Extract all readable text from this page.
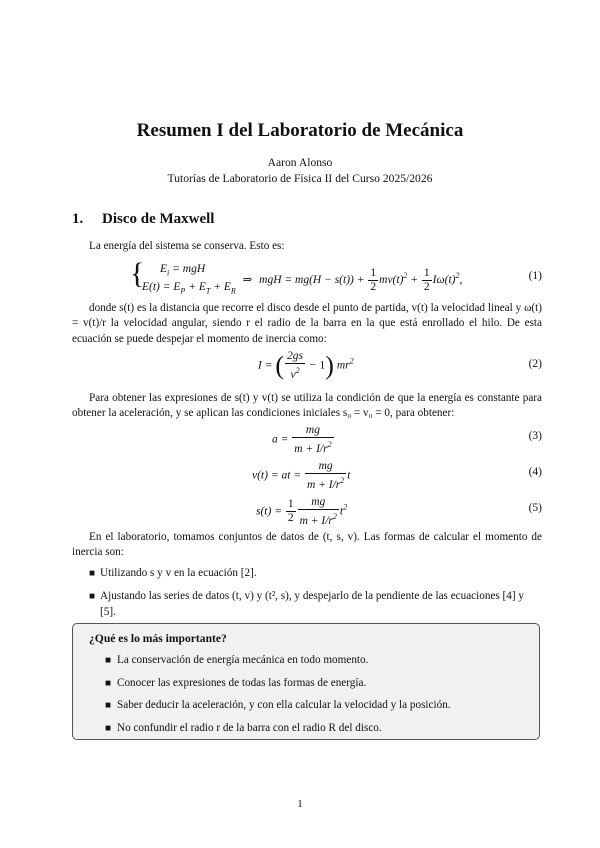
Resumen I del Laboratorio de Mecánica
Aaron Alonso
Tutorías de Laboratorio de Física II del Curso 2025/2026
1. Disco de Maxwell
La energía del sistema se conserva. Esto es:
{	$E_i$ = mgH
$E(t) = E_P + E_T + E_R$
⇒ mgH = $mg(H - s(t)) + \frac{1}{2} mv(t)^2 + \frac{1}{2} I\omega(t)^2$,	(1)
donde s(t) es la distancia que recorre el disco desde el punto de partida, v(t) la velocidad lineal y ω(t) = v(t)/r la velocidad angular, siendo r el radio de la barra en la que está enrollado el hilo. De esta ecuación se puede despejar el momento de inercia como:
I = ( $\frac{2gs}{v^2} - 1$) $mr^2$	(2)
Para obtener las expresiones de s(t) y v(t) se utiliza la condición de que la energía es constante para obtener la aceleración, y se aplican las condiciones iniciales s₀ = v₀ = 0, para obtener:
$a = \frac{mg}{m + I/r^2}$	(3)
v(t) = at = $\frac{mg}{m + I/r^2}$ t	(4)
$s(t) = \frac{1}{2} \frac{mg}{m + I/r^2} t^2$	(5)
En el laboratorio, tomamos conjuntos de datos de (t, s, v). Las formas de calcular el momento de inercia son:
■ Utilizando s y v en la ecuación [2].
■ Ajustando las series de datos (t, v) y (t², s), y despejarlo de la pendiente de las ecuaciones [4] y [5].
¿Qué es lo más importante?
■ La conservación de energía mecánica en todo momento.
■ Conocer las expresiones de todas las formas de energía.
■ Saber deducir la aceleración, y con ella calcular la velocidad y la posición.
■ No confundir el radio r de la barra con el radio R del disco.
1
